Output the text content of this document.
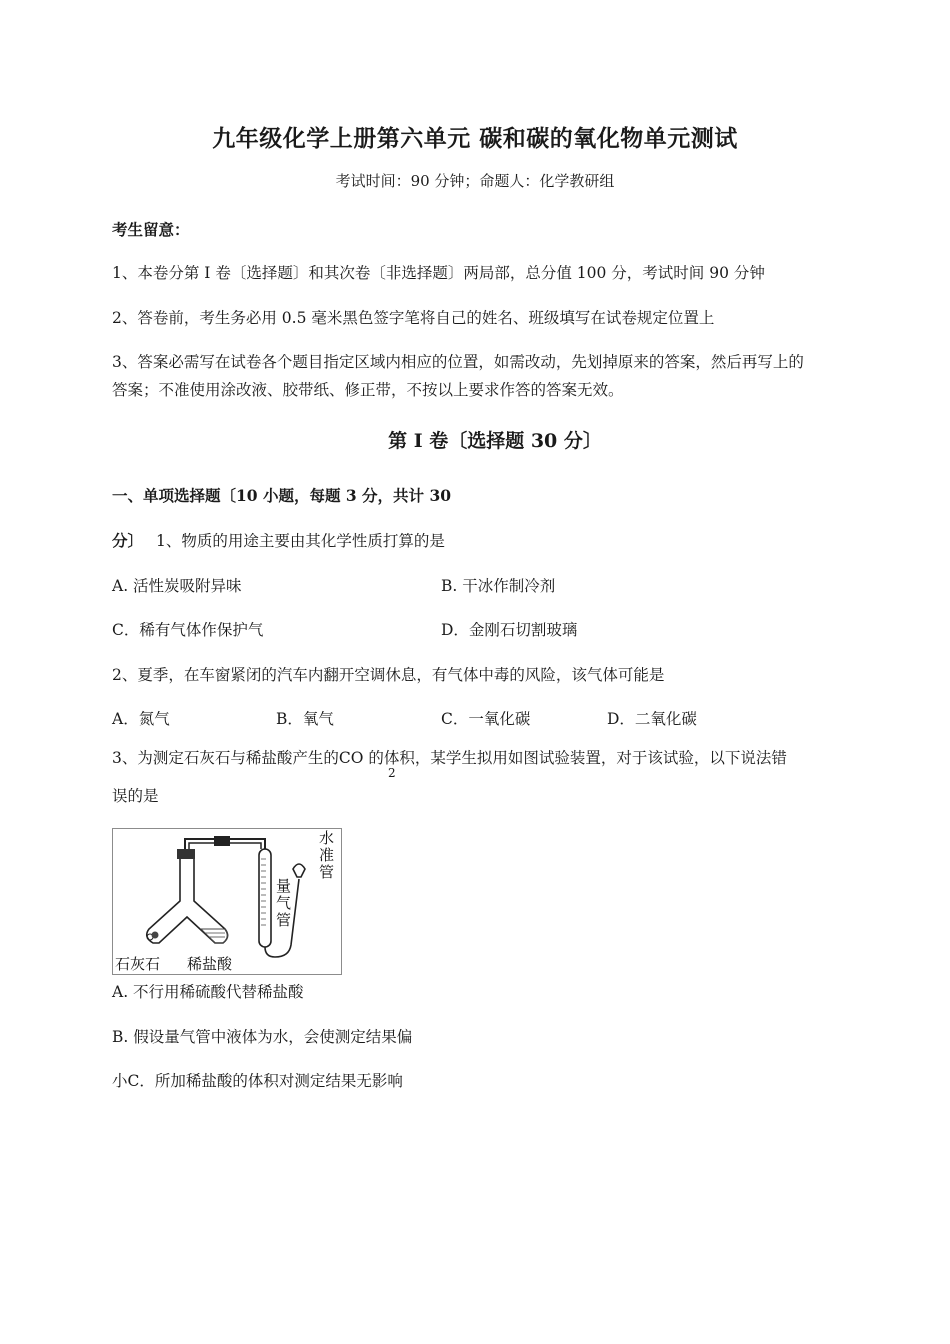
九年级化学上册第六单元 碳和碳的氧化物单元测试
考试时间：90 分钟；命题人：化学教研组
考生留意：
1、本卷分第 I 卷〔选择题〕和其次卷〔非选择题〕两局部，总分值 100 分，考试时间 90 分钟
2、答卷前，考生务必用 0.5 毫米黑色签字笔将自己的姓名、班级填写在试卷规定位置上
3、答案必需写在试卷各个题目指定区域内相应的位置，如需改动，先划掉原来的答案，然后再写上的
答案；不准使用涂改液、胶带纸、修正带，不按以上要求作答的答案无效。
第 I 卷〔选择题 30 分〕
一、单项选择题〔10 小题，每题 3 分，共计 30
分〕 1、物质的用途主要由其化学性质打算的是
A. 活性炭吸附异味	B. 干冰作制冷剂
C．稀有气体作保护气	D．金刚石切割玻璃
2、夏季，在车窗紧闭的汽车内翻开空调休息，有气体中毒的风险，该气体可能是
A．氮气	B．氧气	C．一氧化碳	D．二氧化碳
3、为测定石灰石与稀盐酸产生的CO 的体积，某学生拟用如图试验装置，对于该试验，以下说法错
2
误的是
石灰石 稀盐酸
量气管
水准管
A. 不行用稀硫酸代替稀盐酸
B. 假设量气管中液体为水，会使测定结果偏
小C．所加稀盐酸的体积对测定结果无影响
